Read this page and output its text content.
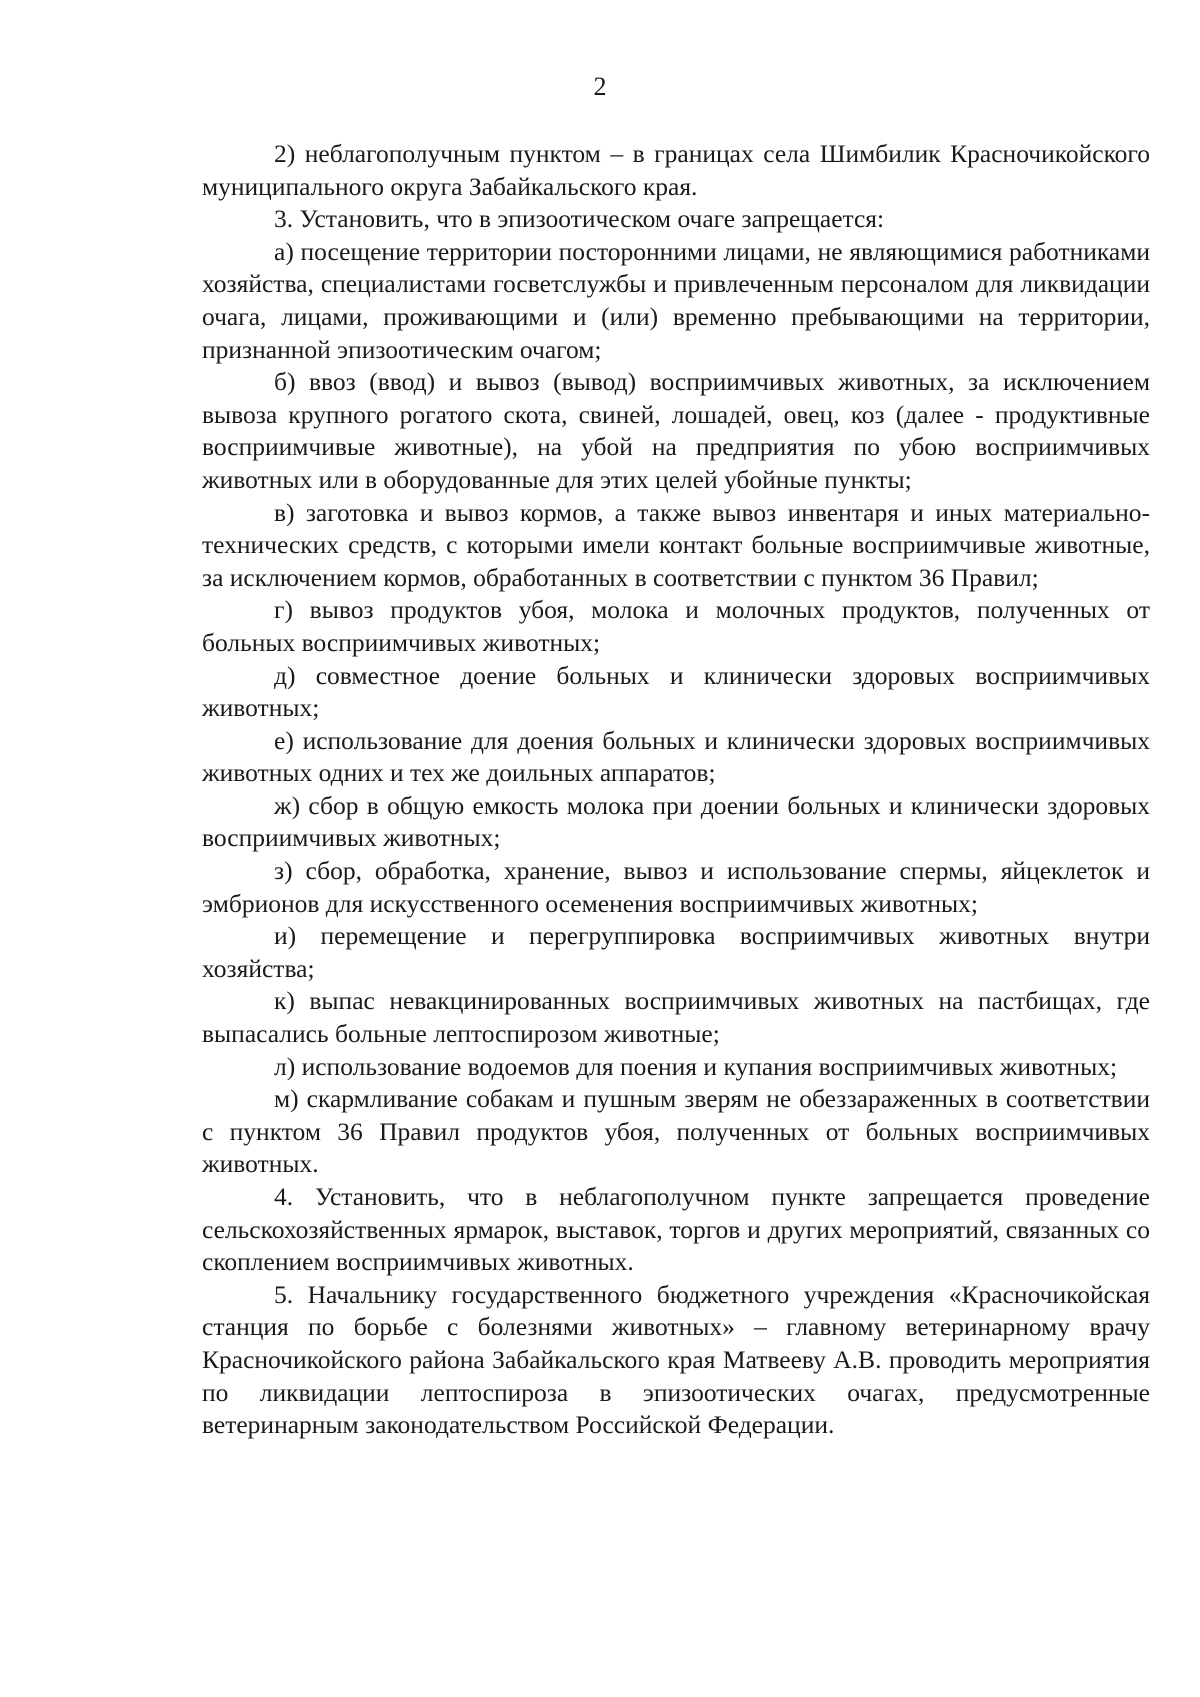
2

2) неблагополучным пунктом – в границах села Шимбилик Красночикойского муниципального округа Забайкальского края.

3. Установить, что в эпизоотическом очаге запрещается:

а) посещение территории посторонними лицами, не являющимися работниками хозяйства, специалистами госветслужбы и привлеченным персоналом для ликвидации очага, лицами, проживающими и (или) временно пребывающими на территории, признанной эпизоотическим очагом;

б) ввоз (ввод) и вывоз (вывод) восприимчивых животных, за исключением вывоза крупного рогатого скота, свиней, лошадей, овец, коз (далее - продуктивные восприимчивые животные), на убой на предприятия по убою восприимчивых животных или в оборудованные для этих целей убойные пункты;

в) заготовка и вывоз кормов, а также вывоз инвентаря и иных материально-технических средств, с которыми имели контакт больные восприимчивые животные, за исключением кормов, обработанных в соответствии с пунктом 36 Правил;

г) вывоз продуктов убоя, молока и молочных продуктов, полученных от больных восприимчивых животных;

д) совместное доение больных и клинически здоровых восприимчивых животных;

е) использование для доения больных и клинически здоровых восприимчивых животных одних и тех же доильных аппаратов;

ж) сбор в общую емкость молока при доении больных и клинически здоровых восприимчивых животных;

з) сбор, обработка, хранение, вывоз и использование спермы, яйцеклеток и эмбрионов для искусственного осеменения восприимчивых животных;

и) перемещение и перегруппировка восприимчивых животных внутри хозяйства;

к) выпас невакцинированных восприимчивых животных на пастбищах, где выпасались больные лептоспирозом животные;

л) использование водоемов для поения и купания восприимчивых животных;

м) скармливание собакам и пушным зверям не обеззараженных в соответствии с пунктом 36 Правил продуктов убоя, полученных от больных восприимчивых животных.

4. Установить, что в неблагополучном пункте запрещается проведение сельскохозяйственных ярмарок, выставок, торгов и других мероприятий, связанных со скоплением восприимчивых животных.

5. Начальнику государственного бюджетного учреждения «Красночикойская станция по борьбе с болезнями животных» – главному ветеринарному врачу Красночикойского района Забайкальского края Матвееву А.В. проводить мероприятия по ликвидации лептоспироза в эпизоотических очагах, предусмотренные ветеринарным законодательством Российской Федерации.
